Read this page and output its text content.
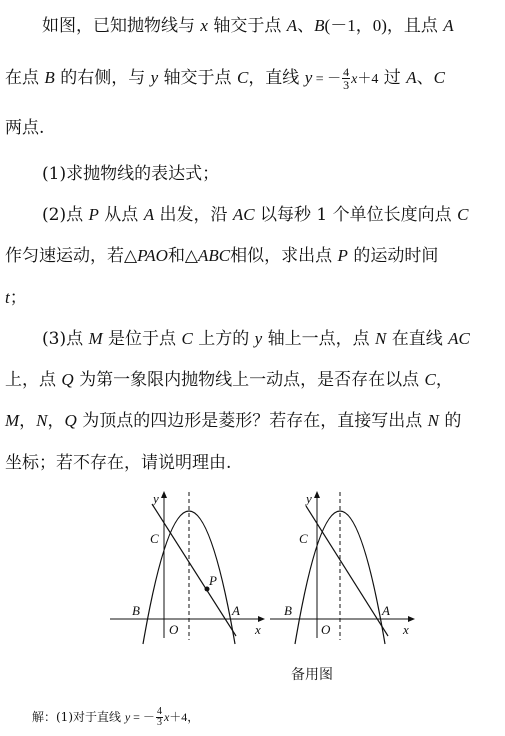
如图，已知抛物线与 x 轴交于点 A、B(－1，0)，且点 A
在点 B 的右侧，与 y 轴交于点 C，直线 y = － $\frac{4}{3} x+4$ 过 A、C
两点.
(1)求抛物线的表达式；
(2)点 P 从点 A 出发，沿 AC 以每秒 1 个单位长度向点 C
作匀速运动，若△PAO和△ABC相似，求出点 P 的运动时间
t；
(3)点 M 是位于点 C 上方的 y 轴上一点，点 N 在直线 AC
上，点 Q 为第一象限内抛物线上一动点，是否存在以点 C，
M，N，Q 为顶点的四边形是菱形？若存在，直接写出点 N 的
坐标；若不存在，请说明理由.
y
C
P
B
O
A
x
y
C
B
O
A
x
备用图
解：(1)对于直线 y = － $\frac{4}{3} x+4$，
